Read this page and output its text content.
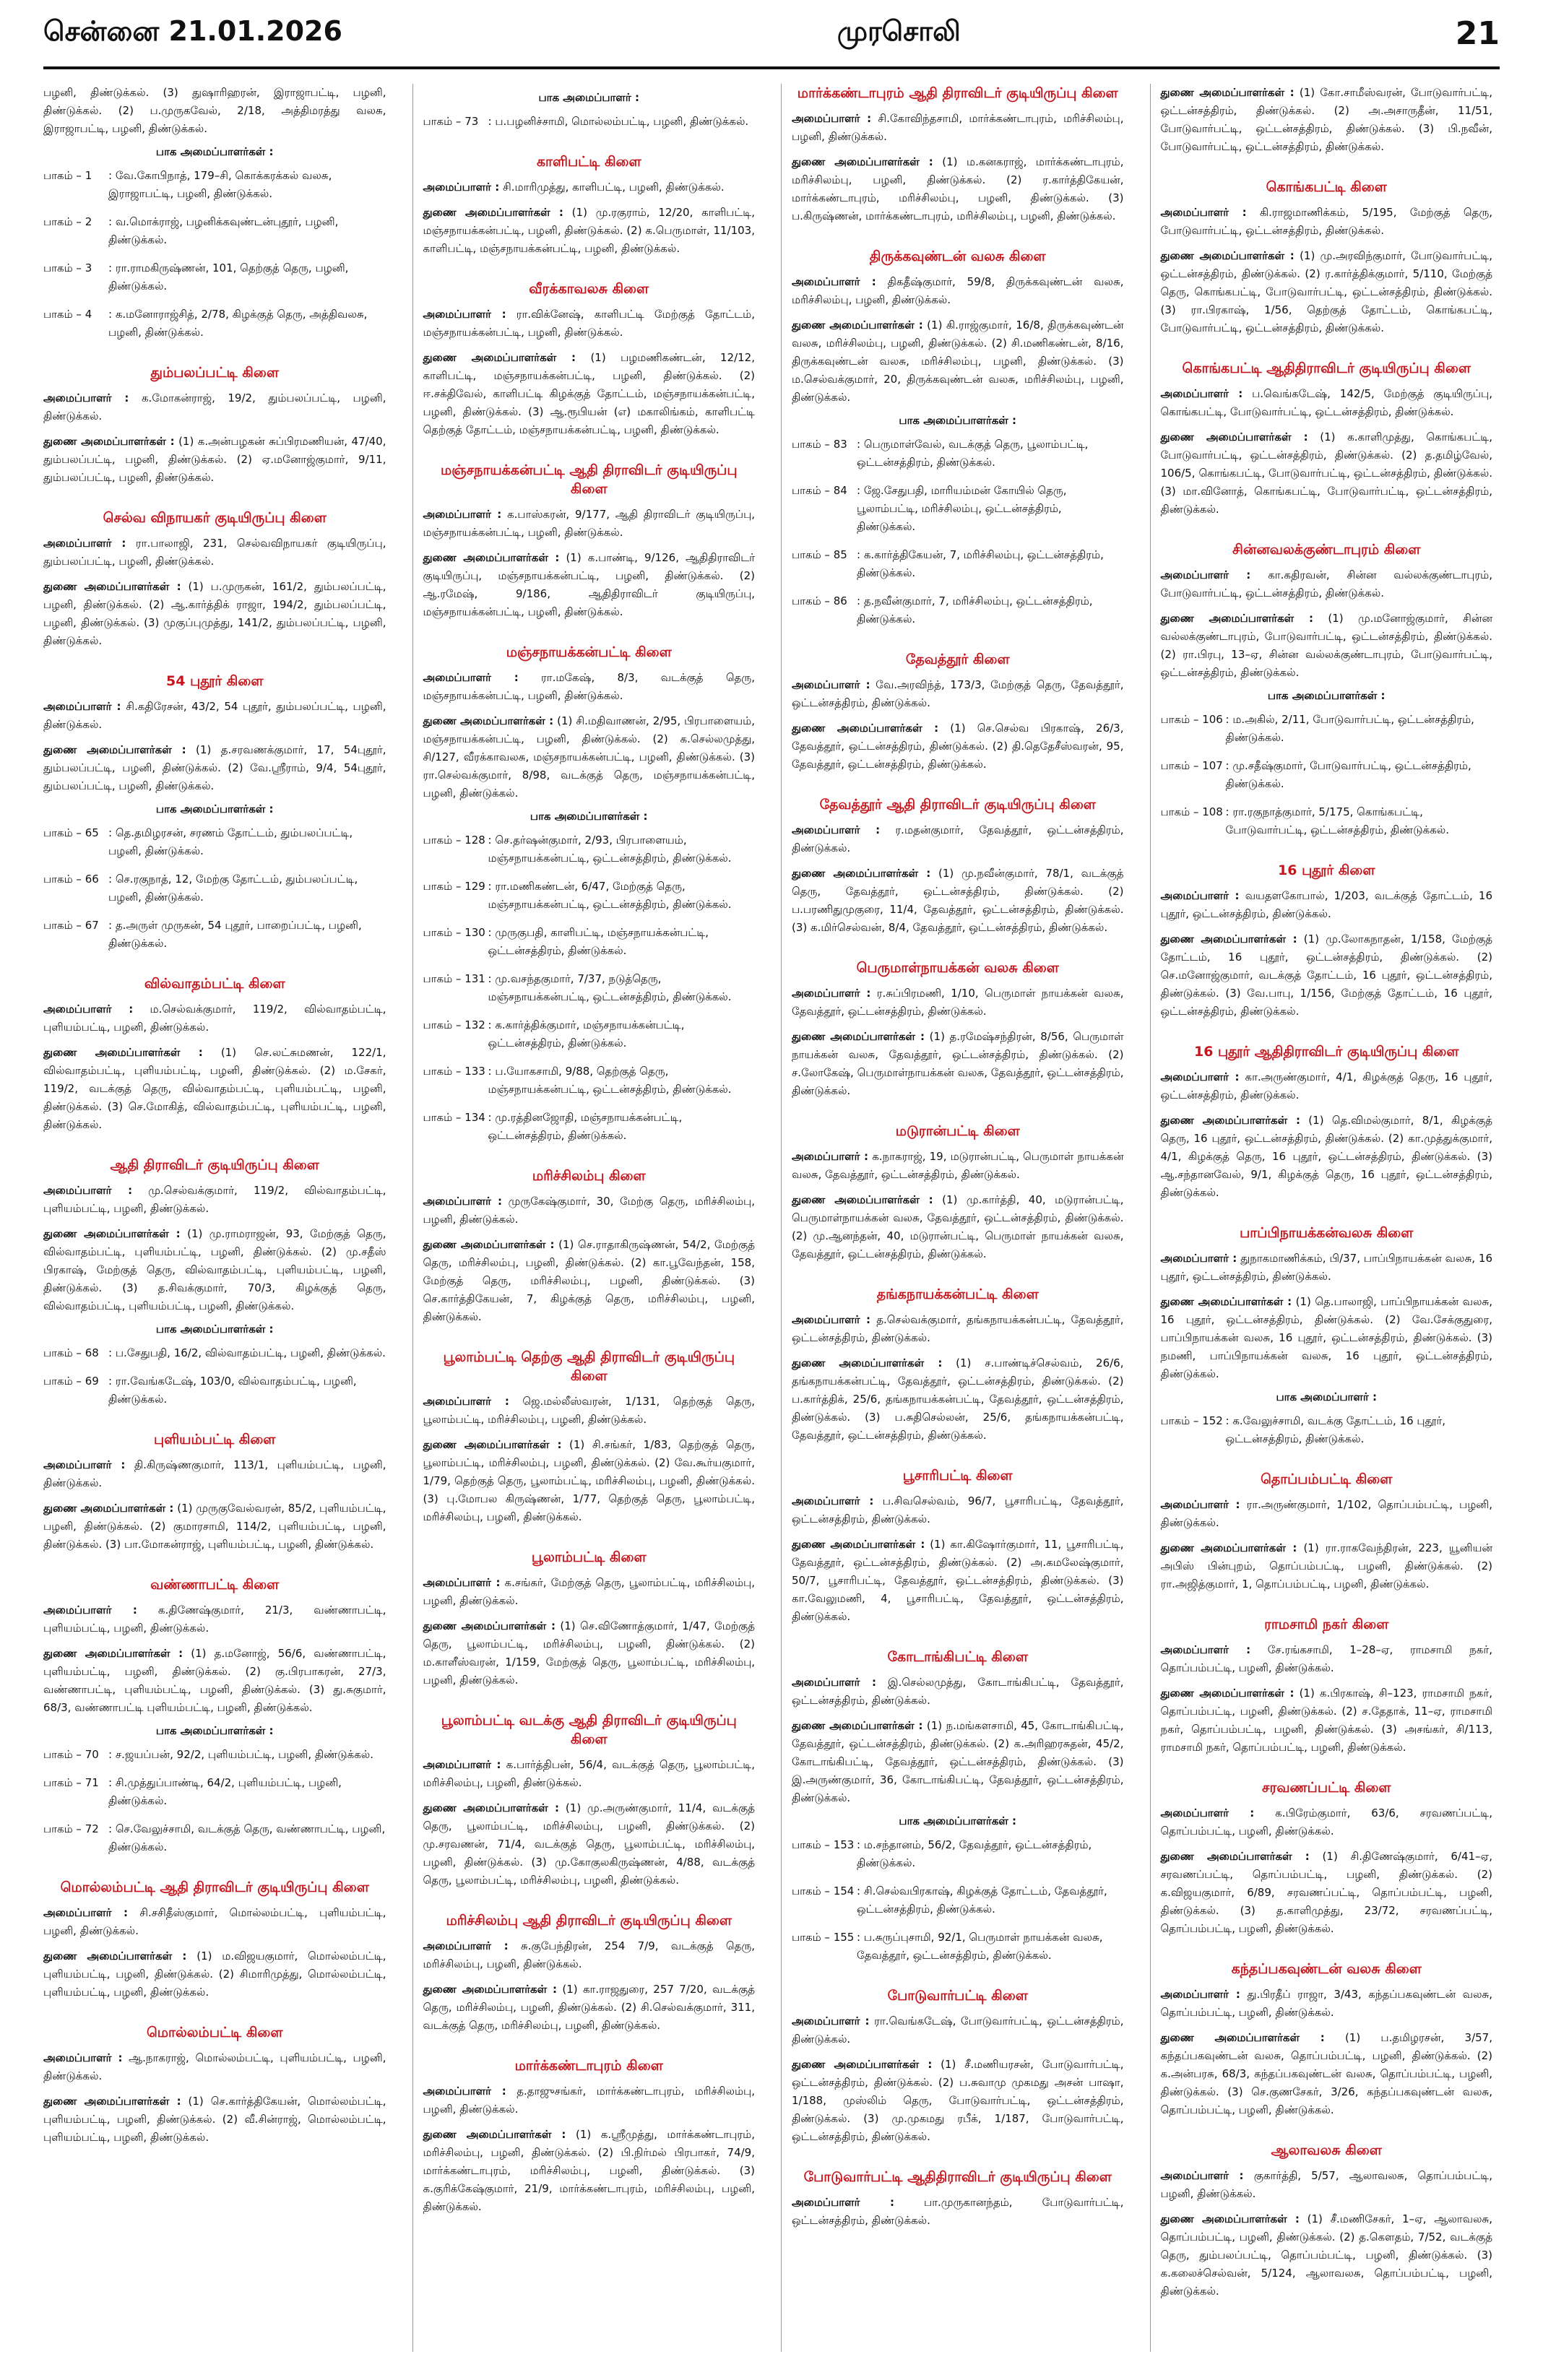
சென்னை 21.01.2026	முரசொலி	21

பழனி, திண்டுக்கல். (3) துஷாரிஹரன், இராஜாபட்டி, பழனி, திண்டுக்கல். (2) ப.முருகவேல், 2/18, அத்திமரத்து வலசு, இராஜாபட்டி, பழனி, திண்டுக்கல்.

பாக அமைப்பாளர்கள் :
பாகம் – 1	: வே.கோபிநாத், 179–சி, கொக்கரக்கல் வலசு, இராஜாபட்டி, பழனி, திண்டுக்கல்.
பாகம் – 2	: வ.மொக்ராஜ், பழனிக்கவுண்டன்புதூர், பழனி, திண்டுக்கல்.
பாகம் – 3	: ரா.ராமகிருஷ்ணன், 101, தெற்குத் தெரு, பழனி, திண்டுக்கல்.
பாகம் – 4	: க.மனோராஜ்சித், 2/78, கிழக்குத் தெரு, அத்திவலசு, பழனி, திண்டுக்கல்.
தும்பலப்பட்டி கிளை

அமைப்பாளர் : க.மோகன்ராஜ், 19/2, தும்பலப்பட்டி, பழனி, திண்டுக்கல்.

துணை அமைப்பாளர்கள் : (1) க.அன்பழகன் சுப்பிரமணியன், 47/40, தும்பலப்பட்டி, பழனி, திண்டுக்கல். (2) ஏ.மனோஜ்குமார், 9/11, தும்பலப்பட்டி, பழனி, திண்டுக்கல்.

செல்வ விநாயகர் குடியிருப்பு கிளை

அமைப்பாளர் : ரா.பாலாஜி, 231, செல்வவிநாயகர் குடியிருப்பு, தும்பலப்பட்டி, பழனி, திண்டுக்கல்.

துணை அமைப்பாளர்கள் : (1) ப.முருகன், 161/2, தும்பலப்பட்டி, பழனி, திண்டுக்கல். (2) ஆ.கார்த்திக் ராஜா, 194/2, தும்பலப்பட்டி, பழனி, திண்டுக்கல். (3) முகுப்புமுத்து, 141/2, தும்பலப்பட்டி, பழனி, திண்டுக்கல்.

54 புதூர் கிளை

அமைப்பாளர் : சி.கதிரேசன், 43/2, 54 புதூர், தும்பலப்பட்டி, பழனி, திண்டுக்கல்.

துணை அமைப்பாளர்கள் : (1) த.சரவணக்குமார், 17, 54புதூர், தும்பலப்பட்டி, பழனி, திண்டுக்கல். (2) வே.ஸ்ரீராம், 9/4, 54புதூர், தும்பலப்பட்டி, பழனி, திண்டுக்கல்.

பாக அமைப்பாளர்கள் :
பாகம் – 65 : தெ.தமிழரசன், சரணம் தோட்டம், தும்பலப்பட்டி, பழனி, திண்டுக்கல்.
பாகம் – 66 : செ.ரகுநாத், 12, மேற்கு தோட்டம், தும்பலப்பட்டி, பழனி, திண்டுக்கல்.
பாகம் – 67 : த.அருள் முருகன், 54 புதூர், பாறைப்பட்டி, பழனி, திண்டுக்கல்.
வில்வாதம்பட்டி கிளை

அமைப்பாளர் : ம.செல்வக்குமார், 119/2, வில்வாதம்பட்டி, புளியம்பட்டி, பழனி, திண்டுக்கல்.

துணை அமைப்பாளர்கள் : (1) செ.லட்சுமணன், 122/1, வில்வாதம்பட்டி, புளியம்பட்டி, பழனி, திண்டுக்கல். (2) ம.சேகர், 119/2, வடக்குத் தெரு, வில்வாதம்பட்டி, புளியம்பட்டி, பழனி, திண்டுக்கல். (3) செ.மோகித், வில்வாதம்பட்டி, புளியம்பட்டி, பழனி, திண்டுக்கல்.

ஆதி திராவிடர் குடியிருப்பு கிளை

அமைப்பாளர் : மு.செல்வக்குமார், 119/2, வில்வாதம்பட்டி, புளியம்பட்டி, பழனி, திண்டுக்கல்.

துணை அமைப்பாளர்கள் : (1) மு.ராமராஜன், 93, மேற்குத் தெரு, வில்வாதம்பட்டி, புளியம்பட்டி, பழனி, திண்டுக்கல். (2) மு.சதீஸ் பிரகாஷ், மேற்குத் தெரு, வில்வாதம்பட்டி, புளியம்பட்டி, பழனி, திண்டுக்கல். (3) த.சிவக்குமார், 70/3, கிழக்குத் தெரு, வில்வாதம்பட்டி, புளியம்பட்டி, பழனி, திண்டுக்கல்.

பாக அமைப்பாளர்கள் :
பாகம் – 68 : ப.சேதுபதி, 16/2, வில்வாதம்பட்டி, பழனி, திண்டுக்கல்.
பாகம் – 69 : ரா.வேங்கடேஷ், 103/0, வில்வாதம்பட்டி, பழனி, திண்டுக்கல்.
புளியம்பட்டி கிளை

அமைப்பாளர் : தி.கிருஷ்ணகுமார், 113/1, புளியம்பட்டி, பழனி, திண்டுக்கல்.

துணை அமைப்பாளர்கள் : (1) முருகுவேல்வரன், 85/2, புளியம்பட்டி, பழனி, திண்டுக்கல். (2) குமாரசாமி, 114/2, புளியம்பட்டி, பழனி, திண்டுக்கல். (3) பா.மோகன்ராஜ், புளியம்பட்டி, பழனி, திண்டுக்கல்.

வண்ணாபட்டி கிளை

அமைப்பாளர் : க.திணேஷ்குமார், 21/3, வண்ணாபட்டி, புளியம்பட்டி, பழனி, திண்டுக்கல்.

துணை அமைப்பாளர்கள் : (1) த.மனோஜ், 56/6, வண்ணாபட்டி, புளியம்பட்டி, பழனி, திண்டுக்கல். (2) கு.பிரபாகரன், 27/3, வண்ணாபட்டி, புளியம்பட்டி, பழனி, திண்டுக்கல். (3) து.சுகுமார், 68/3, வண்ணாபட்டி புளியம்பட்டி, பழனி, திண்டுக்கல்.

பாக அமைப்பாளர்கள் :
பாகம் – 70 : ச.ஜயப்பன், 92/2, புளியம்பட்டி, பழனி, திண்டுக்கல்.
பாகம் – 71 : சி.முத்துப்பாண்டி, 64/2, புளியம்பட்டி, பழனி, திண்டுக்கல்.
பாகம் – 72 : செ.வேலுச்சாமி, வடக்குத் தெரு, வண்ணாபட்டி, பழனி, திண்டுக்கல்.
மொல்லம்பட்டி ஆதி திராவிடர் குடியிருப்பு கிளை

அமைப்பாளர் : சி.சசிதீஸ்குமார், மொல்லம்பட்டி, புளியம்பட்டி, பழனி, திண்டுக்கல்.

துணை அமைப்பாளர்கள் : (1) ம.விஜயகுமார், மொல்லம்பட்டி, புளியம்பட்டி, பழனி, திண்டுக்கல். (2) சிமாரிமுத்து, மொல்லம்பட்டி, புளியம்பட்டி, பழனி, திண்டுக்கல்.

மொல்லம்பட்டி கிளை

அமைப்பாளர் : ஆ.நாகராஜ், மொல்லம்பட்டி, புளியம்பட்டி, பழனி, திண்டுக்கல்.

துணை அமைப்பாளர்கள் : (1) செ.கார்த்திகேயன், மொல்லம்பட்டி, புளியம்பட்டி, பழனி, திண்டுக்கல். (2) வீ.சின்ராஜ், மொல்லம்பட்டி, புளியம்பட்டி, பழனி, திண்டுக்கல்.

பாக அமைப்பாளர் :
பாகம் – 73 : ப.பழனிச்சாமி, மொல்லம்பட்டி, பழனி, திண்டுக்கல்.
காளிபட்டி கிளை

அமைப்பாளர் : சி.மாரிமுத்து, காளிபட்டி, பழனி, திண்டுக்கல்.

துணை அமைப்பாளர்கள் : (1) மு.ரகுராம், 12/20, காளிபட்டி, மஞ்சநாயக்கன்பட்டி, பழனி, திண்டுக்கல். (2) க.பெருமாள், 11/103, காளிபட்டி, மஞ்சநாயக்கன்பட்டி, பழனி, திண்டுக்கல்.

வீரக்காவலசு கிளை

அமைப்பாளர் : ரா.விக்னேஷ், காளிபட்டி மேற்குத் தோட்டம், மஞ்சநாயக்கன்பட்டி, பழனி, திண்டுக்கல்.

துணை அமைப்பாளர்கள் : (1) பழமணிகண்டன், 12/12, காளிபட்டி, மஞ்சநாயக்கன்பட்டி, பழனி, திண்டுக்கல். (2) ஈ.சக்திவேல், காளிபட்டி கிழக்குத் தோட்டம், மஞ்சநாயக்கன்பட்டி, பழனி, திண்டுக்கல். (3) ஆ.ரூபியன் (எ) மகாலிங்கம், காளிபட்டி தெற்குத் தோட்டம், மஞ்சநாயக்கன்பட்டி, பழனி, திண்டுக்கல்.

மஞ்சநாயக்கன்பட்டி ஆதி திராவிடர் குடியிருப்பு கிளை

அமைப்பாளர் : க.பாஸ்கரன், 9/177, ஆதி திராவிடர் குடியிருப்பு, மஞ்சநாயக்கன்பட்டி, பழனி, திண்டுக்கல்.

துணை அமைப்பாளர்கள் : (1) க.பாண்டி, 9/126, ஆதிதிராவிடர் குடியிருப்பு, மஞ்சநாயக்கன்பட்டி, பழனி, திண்டுக்கல். (2) ஆ.ரமேஷ், 9/186, ஆதிதிராவிடர் குடியிருப்பு, மஞ்சநாயக்கன்பட்டி, பழனி, திண்டுக்கல்.

மஞ்சநாயக்கன்பட்டி கிளை

அமைப்பாளர் : ரா.மகேஷ், 8/3, வடக்குத் தெரு, மஞ்சநாயக்கன்பட்டி, பழனி, திண்டுக்கல்.

துணை அமைப்பாளர்கள் : (1) சி.மதிவாணன், 2/95, பிரபாளையம், மஞ்சநாயக்கன்பட்டி, பழனி, திண்டுக்கல். (2) க.செல்லமுத்து, சி/127, வீரக்காவலசு, மஞ்சநாயக்கன்பட்டி, பழனி, திண்டுக்கல். (3) ரா.செல்வக்குமார், 8/98, வடக்குத் தெரு, மஞ்சநாயக்கன்பட்டி, பழனி, திண்டுக்கல்.

பாக அமைப்பாளர்கள் :
பாகம் – 128 : செ.தர்ஷன்குமார், 2/93, பிரபாளையம், மஞ்சநாயக்கன்பட்டி, ஒட்டன்சத்திரம், திண்டுக்கல்.
பாகம் – 129 : ரா.மணிகண்டன், 6/47, மேற்குத் தெரு, மஞ்சநாயக்கன்பட்டி, ஒட்டன்சத்திரம், திண்டுக்கல்.
பாகம் – 130 : முருகுபதி, காளிபட்டி, மஞ்சநாயக்கன்பட்டி, ஒட்டன்சத்திரம், திண்டுக்கல்.
பாகம் – 131 : மு.வசந்தகுமார், 7/37, நடுத்தெரு, மஞ்சநாயக்கன்பட்டி, ஒட்டன்சத்திரம், திண்டுக்கல்.
பாகம் – 132 : க.கார்த்திக்குமார், மஞ்சநாயக்கன்பட்டி, ஒட்டன்சத்திரம், திண்டுக்கல்.
பாகம் – 133 : ப.யோகசாமி, 9/88, தெற்குத் தெரு, மஞ்சநாயக்கன்பட்டி, ஒட்டன்சத்திரம், திண்டுக்கல்.
பாகம் – 134 : மு.ரத்தினஜோதி, மஞ்சநாயக்கன்பட்டி, ஒட்டன்சத்திரம், திண்டுக்கல்.
மரிச்சிலம்பு கிளை

அமைப்பாளர் : முருகேஷ்குமார், 30, மேற்கு தெரு, மரிச்சிலம்பு, பழனி, திண்டுக்கல்.

துணை அமைப்பாளர்கள் : (1) செ.ராதாகிருஷ்ணன், 54/2, மேற்குத் தெரு, மரிச்சிலம்பு, பழனி, திண்டுக்கல். (2) கா.பூவேந்தன், 158, மேற்குத் தெரு, மரிச்சிலம்பு, பழனி, திண்டுக்கல். (3) செ.கார்த்திகேயன், 7, கிழக்குத் தெரு, மரிச்சிலம்பு, பழனி, திண்டுக்கல்.

பூலாம்பட்டி தெற்கு ஆதி திராவிடர் குடியிருப்பு கிளை

அமைப்பாளர் : ஜெ.மல்லீஸ்வரன், 1/131, தெற்குத் தெரு, பூலாம்பட்டி, மரிச்சிலம்பு, பழனி, திண்டுக்கல்.

துணை அமைப்பாளர்கள் : (1) சி.சங்கர், 1/83, தெற்குத் தெரு, பூலாம்பட்டி, மரிச்சிலம்பு, பழனி, திண்டுக்கல். (2) வே.கூர்யகுமார், 1/79, தெற்குத் தெரு, பூலாம்பட்டி, மரிச்சிலம்பு, பழனி, திண்டுக்கல். (3) பு.மோபல கிருஷ்ணன், 1/77, தெற்குத் தெரு, பூலாம்பட்டி, மரிச்சிலம்பு, பழனி, திண்டுக்கல்.

பூலாம்பட்டி கிளை

அமைப்பாளர் : க.சங்கர், மேற்குத் தெரு, பூலாம்பட்டி, மரிச்சிலம்பு, பழனி, திண்டுக்கல்.

துணை அமைப்பாளர்கள் : (1) செ.விணோத்குமார், 1/47, மேற்குத் தெரு, பூலாம்பட்டி, மரிச்சிலம்பு, பழனி, திண்டுக்கல். (2) ம.காளீஸ்வரன், 1/159, மேற்குத் தெரு, பூலாம்பட்டி, மரிச்சிலம்பு, பழனி, திண்டுக்கல்.

பூலாம்பட்டி வடக்கு ஆதி திராவிடர் குடியிருப்பு கிளை

அமைப்பாளர் : க.பார்த்திபன், 56/4, வடக்குத் தெரு, பூலாம்பட்டி, மரிச்சிலம்பு, பழனி, திண்டுக்கல்.

துணை அமைப்பாளர்கள் : (1) மு.அருண்குமார், 11/4, வடக்குத் தெரு, பூலாம்பட்டி, மரிச்சிலம்பு, பழனி, திண்டுக்கல். (2) மு.சரவணன், 71/4, வடக்குத் தெரு, பூலாம்பட்டி, மரிச்சிலம்பு, பழனி, திண்டுக்கல். (3) மு.கோகுலகிருஷ்ணன், 4/88, வடக்குத் தெரு, பூலாம்பட்டி, மரிச்சிலம்பு, பழனி, திண்டுக்கல்.

மரிச்சிலம்பு ஆதி திராவிடர் குடியிருப்பு கிளை

அமைப்பாளர் : சு.குபேந்திரன், 254 7/9, வடக்குத் தெரு, மரிச்சிலம்பு, பழனி, திண்டுக்கல்.

துணை அமைப்பாளர்கள் : (1) கா.ராஜதுரை, 257 7/20, வடக்குத் தெரு, மரிச்சிலம்பு, பழனி, திண்டுக்கல். (2) சி.செல்வக்குமார், 311, வடக்குத் தெரு, மரிச்சிலம்பு, பழனி, திண்டுக்கல்.

மார்க்கண்டாபுரம் கிளை

அமைப்பாளர் : த.தாஜுசங்கர், மார்க்கண்டாபுரம், மரிச்சிலம்பு, பழனி, திண்டுக்கல்.

துணை அமைப்பாளர்கள் : (1) க.ஸ்ரீமுத்து, மார்க்கண்டாபுரம், மரிச்சிலம்பு, பழனி, திண்டுக்கல். (2) பி.நிர்மல் பிரபாகர், 74/9, மார்க்கண்டாபுரம், மரிச்சிலம்பு, பழனி, திண்டுக்கல். (3) க.குரிக்கேஷ்குமார், 21/9, மார்க்கண்டாபுரம், மரிச்சிலம்பு, பழனி, திண்டுக்கல்.

மார்க்கண்டாபுரம் ஆதி திராவிடர் குடியிருப்பு கிளை

அமைப்பாளர் : சி.கோவிந்தசாமி, மார்க்கண்டாபுரம், மரிச்சிலம்பு, பழனி, திண்டுக்கல்.

துணை அமைப்பாளர்கள் : (1) ம.கனகராஜ், மார்க்கண்டாபுரம், மரிச்சிலம்பு, பழனி, திண்டுக்கல். (2) ர.கார்த்திகேயன், மார்க்கண்டாபுரம், மரிச்சிலம்பு, பழனி, திண்டுக்கல். (3) ப.கிருஷ்ணன், மார்க்கண்டாபுரம், மரிச்சிலம்பு, பழனி, திண்டுக்கல்.

திருக்கவுண்டன் வலசு கிளை

அமைப்பாளர் : திகதீஷ்குமார், 59/8, திருக்கவுண்டன் வலசு, மரிச்சிலம்பு, பழனி, திண்டுக்கல்.

துணை அமைப்பாளர்கள் : (1) கி.ராஜ்குமார், 16/8, திருக்கவுண்டன் வலசு, மரிச்சிலம்பு, பழனி, திண்டுக்கல். (2) சி.மணிகண்டன், 8/16, திருக்கவுண்டன் வலசு, மரிச்சிலம்பு, பழனி, திண்டுக்கல். (3) ம.செல்வக்குமார், 20, திருக்கவுண்டன் வலசு, மரிச்சிலம்பு, பழனி, திண்டுக்கல்.

பாக அமைப்பாளர்கள் :
பாகம் – 83 : பெருமாள்வேல், வடக்குத் தெரு, பூலாம்பட்டி, ஒட்டன்சத்திரம், திண்டுக்கல்.
பாகம் – 84 : ஜே.சேதுபதி, மாரியம்மன் கோயில் தெரு, பூலாம்பட்டி, மரிச்சிலம்பு, ஒட்டன்சத்திரம், திண்டுக்கல்.
பாகம் – 85 : க.கார்த்திகேயன், 7, மரிச்சிலம்பு, ஒட்டன்சத்திரம், திண்டுக்கல்.
பாகம் – 86 : த.நவீன்குமார், 7, மரிச்சிலம்பு, ஒட்டன்சத்திரம், திண்டுக்கல்.
தேவத்தூர் கிளை

அமைப்பாளர் : வே.அரவிந்த், 173/3, மேற்குத் தெரு, தேவத்தூர், ஒட்டன்சத்திரம், திண்டுக்கல்.

துணை அமைப்பாளர்கள் : (1) செ.செல்வ பிரகாஷ், 26/3, தேவத்தூர், ஒட்டன்சத்திரம், திண்டுக்கல். (2) தி.தெதேசீஸ்வரன், 95, தேவத்தூர், ஒட்டன்சத்திரம், திண்டுக்கல்.

தேவத்தூர் ஆதி திராவிடர் குடியிருப்பு கிளை

அமைப்பாளர் : ர.மதன்குமார், தேவத்தூர், ஒட்டன்சத்திரம், திண்டுக்கல்.

துணை அமைப்பாளர்கள் : (1) மு.நவீன்குமார், 78/1, வடக்குத் தெரு, தேவத்தூர், ஒட்டன்சத்திரம், திண்டுக்கல். (2) ப.பரணிதுமுகுரை, 11/4, தேவத்தூர், ஒட்டன்சத்திரம், திண்டுக்கல். (3) க.மிர்செல்வன், 8/4, தேவத்தூர், ஒட்டன்சத்திரம், திண்டுக்கல்.

பெருமாள்நாயக்கன் வலசு கிளை

அமைப்பாளர் : ர.சுப்பிரமணி, 1/10, பெருமாள் நாயக்கன் வலசு, தேவத்தூர், ஒட்டன்சத்திரம், திண்டுக்கல்.

துணை அமைப்பாளர்கள் : (1) த.ரமேஷ்சந்திரன், 8/56, பெருமாள் நாயக்கன் வலசு, தேவத்தூர், ஒட்டன்சத்திரம், திண்டுக்கல். (2) ச.லோகேஷ், பெருமாள்நாயக்கன் வலசு, தேவத்தூர், ஒட்டன்சத்திரம், திண்டுக்கல்.

மடுரான்பட்டி கிளை

அமைப்பாளர் : க.நாகராஜ், 19, மடுரான்பட்டி, பெருமாள் நாயக்கன் வலசு, தேவத்தூர், ஒட்டன்சத்திரம், திண்டுக்கல்.

துணை அமைப்பாளர்கள் : (1) மு.கார்த்தி, 40, மடுரான்பட்டி, பெருமாள்நாயக்கன் வலசு, தேவத்தூர், ஒட்டன்சத்திரம், திண்டுக்கல். (2) மு.ஆனந்தன், 40, மடுரான்பட்டி, பெருமாள் நாயக்கன் வலசு, தேவத்தூர், ஒட்டன்சத்திரம், திண்டுக்கல்.

தங்கநாயக்கன்பட்டி கிளை

அமைப்பாளர் : த.செல்வக்குமார், தங்கநாயக்கன்பட்டி, தேவத்தூர், ஒட்டன்சத்திரம், திண்டுக்கல்.

துணை அமைப்பாளர்கள் : (1) ச.பாண்டிச்செல்வம், 26/6, தங்கநாயக்கன்பட்டி, தேவத்தூர், ஒட்டன்சத்திரம், திண்டுக்கல். (2) ப.கார்த்திக், 25/6, தங்கநாயக்கன்பட்டி, தேவத்தூர், ஒட்டன்சத்திரம், திண்டுக்கல். (3) ப.சுதிசெல்லன், 25/6, தங்கநாயக்கன்பட்டி, தேவத்தூர், ஒட்டன்சத்திரம், திண்டுக்கல்.

பூசாரிபட்டி கிளை

அமைப்பாளர் : ப.சிவசெல்வம், 96/7, பூசாரிபட்டி, தேவத்தூர், ஒட்டன்சத்திரம், திண்டுக்கல்.

துணை அமைப்பாளர்கள் : (1) கா.கிஷோர்குமார், 11, பூசாரிபட்டி, தேவத்தூர், ஒட்டன்சத்திரம், திண்டுக்கல். (2) அ.கமலேஷ்குமார், 50/7, பூசாரிபட்டி, தேவத்தூர், ஒட்டன்சத்திரம், திண்டுக்கல். (3) கா.வேலுமணி, 4, பூசாரிபட்டி, தேவத்தூர், ஒட்டன்சத்திரம், திண்டுக்கல்.

கோடாங்கிபட்டி கிளை

அமைப்பாளர் : இ.செல்லமுத்து, கோடாங்கிபட்டி, தேவத்தூர், ஒட்டன்சத்திரம், திண்டுக்கல்.

துணை அமைப்பாளர்கள் : (1) ந.மங்களசாமி, 45, கோடாங்கிபட்டி, தேவத்தூர், ஒட்டன்சத்திரம், திண்டுக்கல். (2) க.அரிஹரசுதன், 45/2, கோடாங்கிபட்டி, தேவத்தூர், ஒட்டன்சத்திரம், திண்டுக்கல். (3) இ.அருண்குமார், 36, கோடாங்கிபட்டி, தேவத்தூர், ஒட்டன்சத்திரம், திண்டுக்கல்.

பாக அமைப்பாளர்கள் :
பாகம் – 153 : ம.சந்தானம், 56/2, தேவத்தூர், ஒட்டன்சத்திரம், திண்டுக்கல்.
பாகம் – 154 : சி.செல்வபிரகாஷ், கிழக்குத் தோட்டம், தேவத்தூர், ஒட்டன்சத்திரம், திண்டுக்கல்.
பாகம் – 155 : ப.சுருப்புசாமி, 92/1, பெருமாள் நாயக்கன் வலசு, தேவத்தூர், ஒட்டன்சத்திரம், திண்டுக்கல்.
போடுவார்பட்டி கிளை

அமைப்பாளர் : ரா.வெங்கடேஷ், போடுவார்பட்டி, ஒட்டன்சத்திரம், திண்டுக்கல்.

துணை அமைப்பாளர்கள் : (1) சீ.மணியரசன், போடுவார்பட்டி, ஒட்டன்சத்திரம், திண்டுக்கல். (2) ப.சுவாமு முகமது அசன் பாஷா, 1/188, முஸ்லிம் தெரு, போடுவார்பட்டி, ஒட்டன்சத்திரம், திண்டுக்கல். (3) மு.முகமது ரபீக், 1/187, போடுவார்பட்டி, ஒட்டன்சத்திரம், திண்டுக்கல்.

போடுவார்பட்டி ஆதிதிராவிடர் குடியிருப்பு கிளை

அமைப்பாளர் : பா.முருகானந்தம், போடுவார்பட்டி, ஒட்டன்சத்திரம், திண்டுக்கல்.

துணை அமைப்பாளர்கள் : (1) கோ.சாமீஸ்வரன், போடுவார்பட்டி, ஒட்டன்சத்திரம், திண்டுக்கல். (2) அ.அசாருதீன், 11/51, போடுவார்பட்டி, ஒட்டன்சத்திரம், திண்டுக்கல். (3) பி.நவீன், போடுவார்பட்டி, ஒட்டன்சத்திரம், திண்டுக்கல்.

கொங்கபட்டி கிளை

அமைப்பாளர் : கி.ராஜமாணிக்கம், 5/195, மேற்குத் தெரு, போடுவார்பட்டி, ஒட்டன்சத்திரம், திண்டுக்கல்.

துணை அமைப்பாளர்கள் : (1) மு.அரவிந்குமார், போடுவார்பட்டி, ஒட்டன்சத்திரம், திண்டுக்கல். (2) ர.கார்த்திக்குமார், 5/110, மேற்குத் தெரு, கொங்கபட்டி, போடுவார்பட்டி, ஒட்டன்சத்திரம், திண்டுக்கல். (3) ரா.பிரகாஷ், 1/56, தெற்குத் தோட்டம், கொங்கபட்டி, போடுவார்பட்டி, ஒட்டன்சத்திரம், திண்டுக்கல்.

கொங்கபட்டி ஆதிதிராவிடர் குடியிருப்பு கிளை

அமைப்பாளர் : ப.வெங்கடேஷ், 142/5, மேற்குத் குடியிருப்பு, கொங்கபட்டி, போடுவார்பட்டி, ஒட்டன்சத்திரம், திண்டுக்கல்.

துணை அமைப்பாளர்கள் : (1) க.காளிமுத்து, கொங்கபட்டி, போடுவார்பட்டி, ஒட்டன்சத்திரம், திண்டுக்கல். (2) த.தமிழ்வேல், 106/5, கொங்கபட்டி, போடுவார்பட்டி, ஒட்டன்சத்திரம், திண்டுக்கல். (3) மா.வினோத், கொங்கபட்டி, போடுவார்பட்டி, ஒட்டன்சத்திரம், திண்டுக்கல்.

சின்னவலக்குண்டாபுரம் கிளை

அமைப்பாளர் : கா.கதிரவன், சின்ன வல்லக்குண்டாபுரம், போடுவார்பட்டி, ஒட்டன்சத்திரம், திண்டுக்கல்.

துணை அமைப்பாளர்கள் : (1) மு.மனோஜ்குமார், சின்ன வல்லக்குண்டாபுரம், போடுவார்பட்டி, ஒட்டன்சத்திரம், திண்டுக்கல். (2) ரா.பிரபு, 13–ஏ, சின்ன வல்லக்குண்டாபுரம், போடுவார்பட்டி, ஒட்டன்சத்திரம், திண்டுக்கல்.

பாக அமைப்பாளர்கள் :
பாகம் – 106 : ம.அகில், 2/11, போடுவார்பட்டி, ஒட்டன்சத்திரம், திண்டுக்கல்.
பாகம் – 107 : மு.சதீஷ்குமார், போடுவார்பட்டி, ஒட்டன்சத்திரம், திண்டுக்கல்.
பாகம் – 108 : ரா.ரகுநாத்குமார், 5/175, கொங்கபட்டி, போடுவார்பட்டி, ஒட்டன்சத்திரம், திண்டுக்கல்.
16 புதூர் கிளை

அமைப்பாளர் : வயதளகோபால், 1/203, வடக்குத் தோட்டம், 16 புதூர், ஒட்டன்சத்திரம், திண்டுக்கல்.

துணை அமைப்பாளர்கள் : (1) மு.லோகநாதன், 1/158, மேற்குத் தோட்டம், 16 புதூர், ஒட்டன்சத்திரம், திண்டுக்கல். (2) செ.மனோஜ்குமார், வடக்குத் தோட்டம், 16 புதூர், ஒட்டன்சத்திரம், திண்டுக்கல். (3) வே.பாபு, 1/156, மேற்குத் தோட்டம், 16 புதூர், ஒட்டன்சத்திரம், திண்டுக்கல்.

16 புதூர் ஆதிதிராவிடர் குடியிருப்பு கிளை

அமைப்பாளர் : கா.அருண்குமார், 4/1, கிழக்குத் தெரு, 16 புதூர், ஒட்டன்சத்திரம், திண்டுக்கல்.

துணை அமைப்பாளர்கள் : (1) தெ.விமல்குமார், 8/1, கிழக்குத் தெரு, 16 புதூர், ஒட்டன்சத்திரம், திண்டுக்கல். (2) கா.முத்துக்குமார், 4/1, கிழக்குத் தெரு, 16 புதூர், ஒட்டன்சத்திரம், திண்டுக்கல். (3) ஆ.சந்தானவேல், 9/1, கிழக்குத் தெரு, 16 புதூர், ஒட்டன்சத்திரம், திண்டுக்கல்.

பாப்பிநாயக்கன்வலசு கிளை

அமைப்பாளர் : துநாகமாணிக்கம், பி/37, பாப்பிநாயக்கன் வலசு, 16 புதூர், ஒட்டன்சத்திரம், திண்டுக்கல்.

துணை அமைப்பாளர்கள் : (1) தெ.பாலாஜி, பாப்பிநாயக்கன் வலசு, 16 புதூர், ஒட்டன்சத்திரம், திண்டுக்கல். (2) வே.சேக்குதுரை, பாப்பிநாயக்கன் வலசு, 16 புதூர், ஒட்டன்சத்திரம், திண்டுக்கல். (3) நமணி, பாப்பிநாயக்கன் வலசு, 16 புதூர், ஒட்டன்சத்திரம், திண்டுக்கல்.

பாக அமைப்பாளர் :
பாகம் – 152 : க.வேலுச்சாமி, வடக்கு தோட்டம், 16 புதூர், ஒட்டன்சத்திரம், திண்டுக்கல்.
தொப்பம்பட்டி கிளை

அமைப்பாளர் : ரா.அருண்குமார், 1/102, தொப்பம்பட்டி, பழனி, திண்டுக்கல்.

துணை அமைப்பாளர்கள் : (1) ரா.ராகவேந்திரன், 223, யூனியன் அபிஸ் பின்புறம், தொப்பம்பட்டி, பழனி, திண்டுக்கல். (2) ரா.அஜித்குமார், 1, தொப்பம்பட்டி, பழனி, திண்டுக்கல்.

ராமசாமி நகர் கிளை

அமைப்பாளர் : சே.ரங்கசாமி, 1–28–ஏ, ராமசாமி நகர், தொப்பம்பட்டி, பழனி, திண்டுக்கல்.

துணை அமைப்பாளர்கள் : (1) க.பிரகாஷ், சி–123, ராமசாமி நகர், தொப்பம்பட்டி, பழனி, திண்டுக்கல். (2) ச.தேதாக், 11–ஏ, ராமசாமி நகர், தொப்பம்பட்டி, பழனி, திண்டுக்கல். (3) அசங்கர், சி/113, ராமசாமி நகர், தொப்பம்பட்டி, பழனி, திண்டுக்கல்.

சரவணப்பட்டி கிளை

அமைப்பாளர் : க.பிரேம்குமார், 63/6, சரவணப்பட்டி, தொப்பம்பட்டி, பழனி, திண்டுக்கல்.

துணை அமைப்பாளர்கள் : (1) சி.திணேஷ்குமார், 6/41–ஏ, சரவணப்பட்டி, தொப்பம்பட்டி, பழனி, திண்டுக்கல். (2) க.விஜயகுமார், 6/89, சரவணப்பட்டி, தொப்பம்பட்டி, பழனி, திண்டுக்கல். (3) த.காளிமுத்து, 23/72, சரவணப்பட்டி, தொப்பம்பட்டி, பழனி, திண்டுக்கல்.

கந்தப்பகவுண்டன் வலசு கிளை

அமைப்பாளர் : து.பிரதீப் ராஜா, 3/43, கந்தப்பகவுண்டன் வலசு, தொப்பம்பட்டி, பழனி, திண்டுக்கல்.

துணை அமைப்பாளர்கள் : (1) ப.தமிழரசன், 3/57, கந்தப்பகவுண்டன் வலசு, தொப்பம்பட்டி, பழனி, திண்டுக்கல். (2) க.அன்பரசு, 68/3, கந்தப்பகவுண்டன் வலசு, தொப்பம்பட்டி, பழனி, திண்டுக்கல். (3) செ.குணசேகர், 3/26, கந்தப்பகவுண்டன் வலசு, தொப்பம்பட்டி, பழனி, திண்டுக்கல்.

ஆலாவலசு கிளை

அமைப்பாளர் : குகார்த்தி, 5/57, ஆலாவலசு, தொப்பம்பட்டி, பழனி, திண்டுக்கல்.

துணை அமைப்பாளர்கள் : (1) சீ.மணிசேகர், 1–ஏ, ஆலாவலசு, தொப்பம்பட்டி, பழனி, திண்டுக்கல். (2) த.கௌதம், 7/52, வடக்குத் தெரு, தும்பலப்பட்டி, தொப்பம்பட்டி, பழனி, திண்டுக்கல். (3) க.கலைச்செல்வன், 5/124, ஆலாவலசு, தொப்பம்பட்டி, பழனி, திண்டுக்கல்.
